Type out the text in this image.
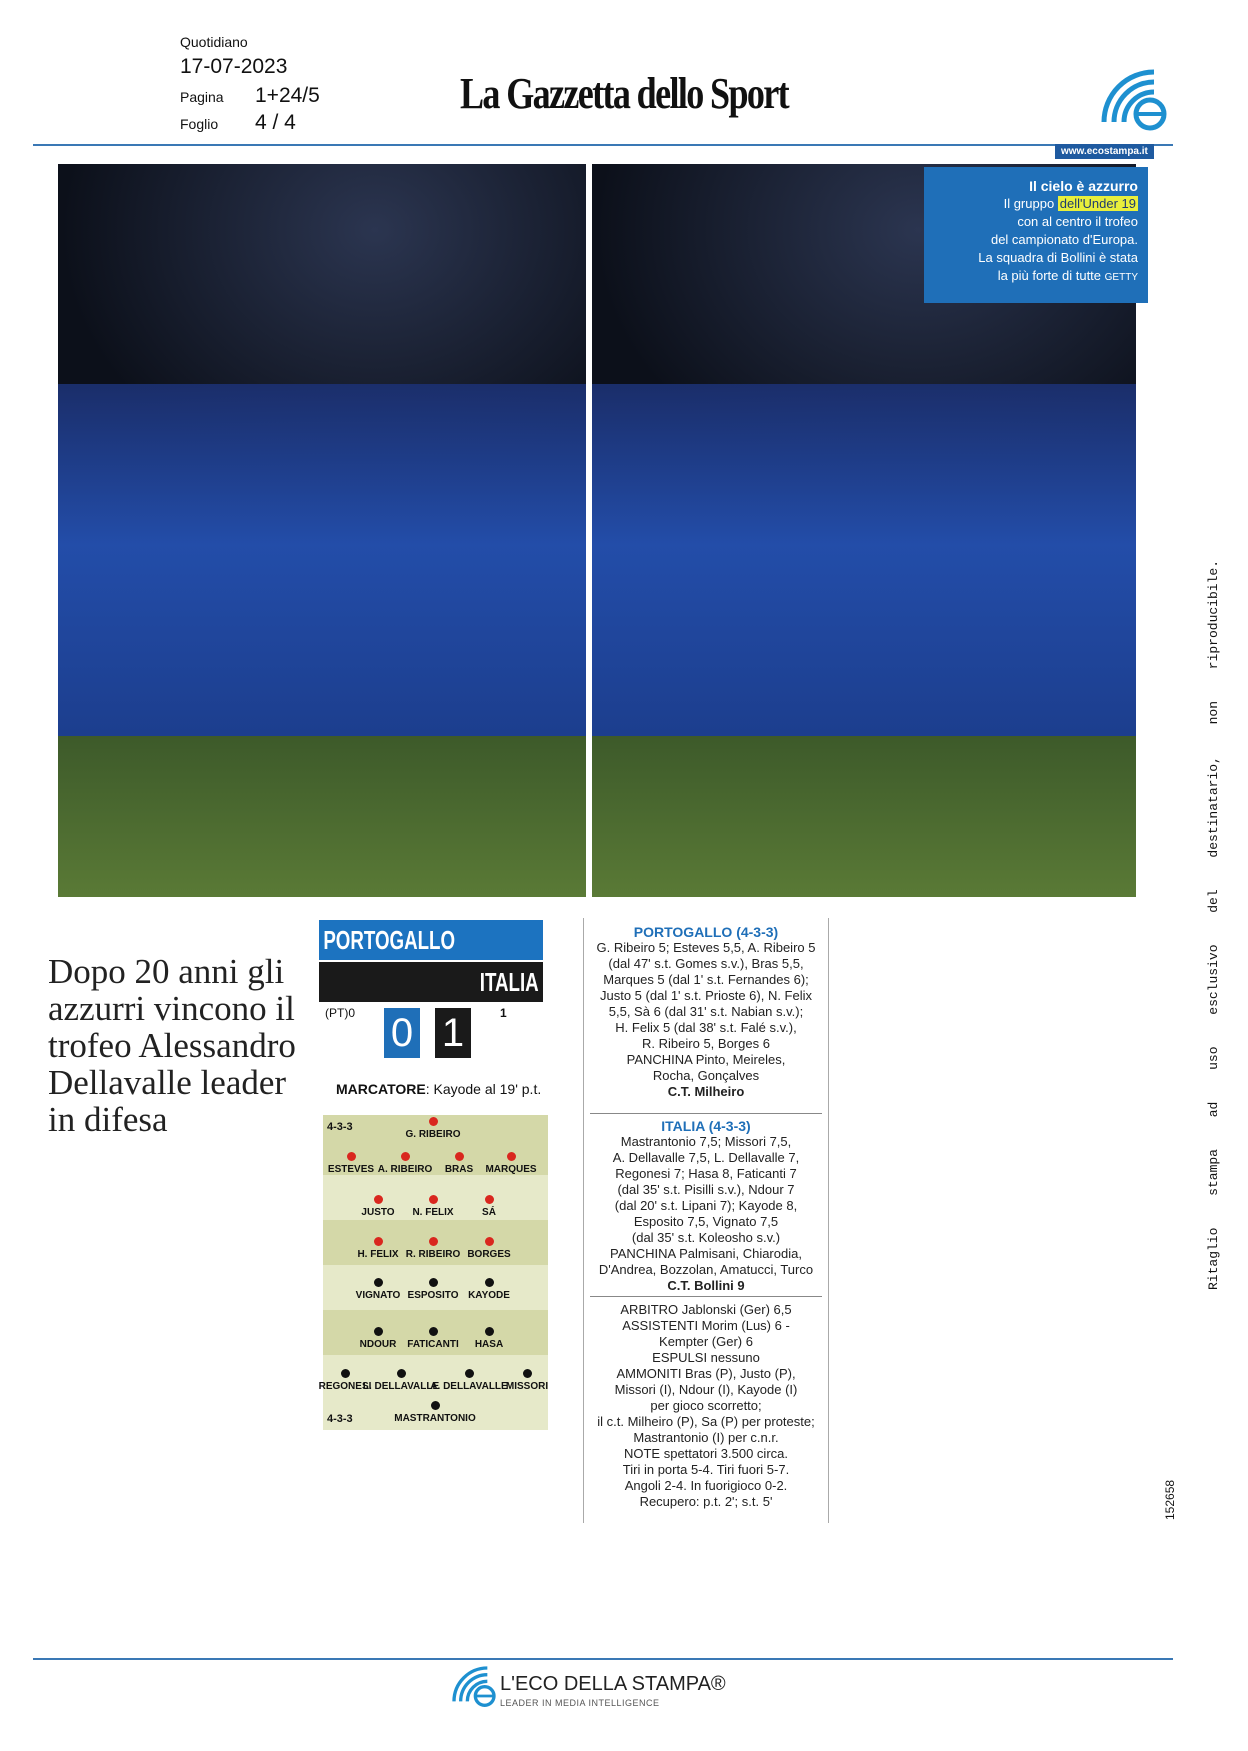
Quotidiano
17-07-2023
Pagina 1+24/5
Foglio 4 / 4
La Gazzetta dello Sport
www.ecostampa.it
Il cielo è azzurro
Il gruppo dell'Under 19
con al centro il trofeo
del campionato d'Europa.
La squadra di Bollini è stata
la più forte di tutte GETTY
Dopo 20 anni gli azzurri vincono il trofeo Alessandro Dellavalle leader in difesa
PORTOGALLO
ITALIA
(PT)0 0 1	1
MARCATORE: Kayode al 19' p.t.
4-3-3
4-3-3
G. RIBEIRO
ESTEVES A. RIBEIRO BRAS MARQUES
JUSTO N. FELIX	SÁ
H. FELIX R. RIBEIRO BORGES
VIGNATO ESPOSITO KAYODE
NDOUR FATICANTI HASA
REGONESI
L. DELLAVALLE
A. DELLAVALLE
MISSORI
MASTRANTONIO
PORTOGALLO (4-3-3)
G. Ribeiro 5; Esteves 5,5, A. Ribeiro 5
(dal 47' s.t. Gomes s.v.), Bras 5,5,
Marques 5 (dal 1' s.t. Fernandes 6);
Justo 5 (dal 1' s.t. Prioste 6), N. Felix
5,5, Sà 6 (dal 31' s.t. Nabian s.v.);
H. Felix 5 (dal 38' s.t. Falé s.v.),
R. Ribeiro 5, Borges 6
PANCHINA Pinto, Meireles,
Rocha, Gonçalves
C.T. Milheiro
ITALIA (4-3-3)
Mastrantonio 7,5; Missori 7,5,
A. Dellavalle 7,5, L. Dellavalle 7,
Regonesi 7; Hasa 8, Faticanti 7
(dal 35' s.t. Pisilli s.v.), Ndour 7
(dal 20' s.t. Lipani 7); Kayode 8,
Esposito 7,5, Vignato 7,5
(dal 35' s.t. Koleosho s.v.)
PANCHINA Palmisani, Chiarodia,
D'Andrea, Bozzolan, Amatucci, Turco
C.T. Bollini 9
ARBITRO Jablonski (Ger) 6,5
ASSISTENTI Morim (Lus) 6 -
Kempter (Ger) 6
ESPULSI nessuno
AMMONITI Bras (P), Justo (P),
Missori (I), Ndour (I), Kayode (I)
per gioco scorretto;
il c.t. Milheiro (P), Sa (P) per proteste;
Mastrantonio (I) per c.n.r.
NOTE spettatori 3.500 circa.
Tiri in porta 5-4. Tiri fuori 5-7.
Angoli 2-4. In fuorigioco 0-2.
Recupero: p.t. 2'; s.t. 5'
Ritaglio stampa ad uso esclusivo del destinatario, non riproducibile.
152658
L'ECO DELLA STAMPA®
LEADER IN MEDIA INTELLIGENCE
